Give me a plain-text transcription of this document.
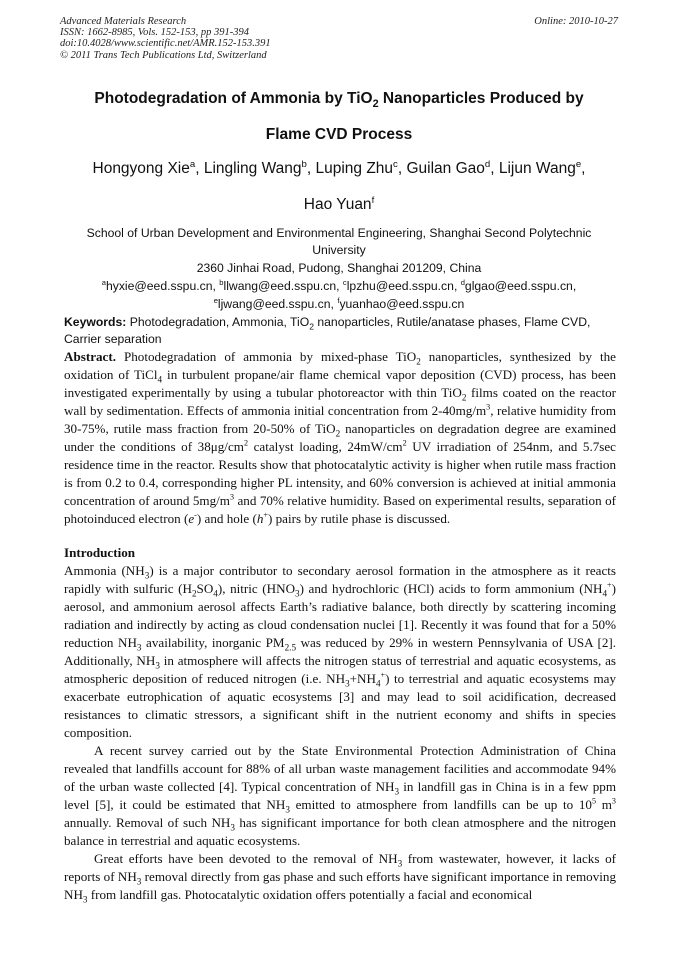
Advanced Materials Research
ISSN: 1662-8985, Vols. 152-153, pp 391-394
doi:10.4028/www.scientific.net/AMR.152-153.391
© 2011 Trans Tech Publications Ltd, Switzerland
Online: 2010-10-27
Photodegradation of Ammonia by TiO$_2$ Nanoparticles Produced by
Flame CVD Process
Hongyong Xie$^a$, Lingling Wang$^b$, Luping Zhu$^c$, Guilan Gao$^d$, Lijun Wang$^e$,
Hao Yuan$^f$
School of Urban Development and Environmental Engineering, Shanghai Second Polytechnic
University
2360 Jinhai Road, Pudong, Shanghai 201209, China
$^a$hyxie@eed.sspu.cn, $^b$llwang@eed.sspu.cn, $^c$lpzhu@eed.sspu.cn, $^d$glgao@eed.sspu.cn,
$^e$ljwang@eed.sspu.cn, $^f$yuanhao@eed.sspu.cn
Keywords: Photodegradation, Ammonia, TiO$_2$ nanoparticles, Rutile/anatase phases, Flame CVD,
Carrier separation
Abstract. Photodegradation of ammonia by mixed-phase TiO$_2$ nanoparticles, synthesized by the oxidation of TiCl$_4$ in turbulent propane/air flame chemical vapor deposition (CVD) process, has been investigated experimentally by using a tubular photoreactor with thin TiO$_2$ films coated on the reactor wall by sedimentation. Effects of ammonia initial concentration from $2-40mg/m^3$, relative humidity from 30-75%, rutile mass fraction from 20-50% of TiO$_2$ nanoparticles on degradation degree are examined under the conditions of $38\mu g/cm^2$ catalyst loading, $24mW/cm^2$ UV irradiation of 254nm, and 5.7sec residence time in the reactor. Results show that photocatalytic activity is higher when rutile mass fraction is from 0.2 to 0.4, corresponding higher PL intensity, and 60% conversion is achieved at initial ammonia concentration of around $5mg/m^3$ and 70% relative humidity. Based on experimental results, separation of photoinduced electron (e-) and hole (h+) pairs by rutile phase is discussed.
Introduction
Ammonia $(NH_3)$ is a major contributor to secondary aerosol formation in the atmosphere as it reacts rapidly with sulfuric $(H_2SO_4)$, nitric $(HNO_3)$ and hydrochloric (HCl) acids to form ammonium $(NH_4^+)$ aerosol, and ammonium aerosol affects Earth’s radiative balance, both directly by scattering incoming radiation and indirectly by acting as cloud condensation nuclei [1]. Recently it was found that for a 50% reduction $NH_3$ availability, inorganic $PM_{2.5}$ was reduced by 29% in western Pennsylvania of USA [2]. Additionally, $NH_3$ in atmosphere will affects the nitrogen status of terrestrial and aquatic ecosystems, as atmospheric deposition of reduced nitrogen (i.e. $NH_3+NH_4^+$) to terrestrial and aquatic ecosystems may exacerbate eutrophication of aquatic ecosystems [3] and may lead to soil acidification, decreased resistances to climatic stressors, a significant shift in the nutrient economy and shifts in species composition.
A recent survey carried out by the State Environmental Protection Administration of China revealed that landfills account for 88% of all urban waste management facilities and accommodate 94% of the urban waste collected [4]. Typical concentration of $NH_3$ in landfill gas in China is in a few ppm level [5], it could be estimated that $NH_3$ emitted to atmosphere from landfills can be up to $10^5$ $m^3$ annually. Removal of such $NH_3$ has significant importance for both clean atmosphere and the nitrogen balance in terrestrial and aquatic ecosystems.
Great efforts have been devoted to the removal of $NH_3$ from wastewater, however, it lacks of reports of $NH_3$ removal directly from gas phase and such efforts have significant importance in removing $NH_3$ from landfill gas. Photocatalytic oxidation offers potentially a facial and economical
